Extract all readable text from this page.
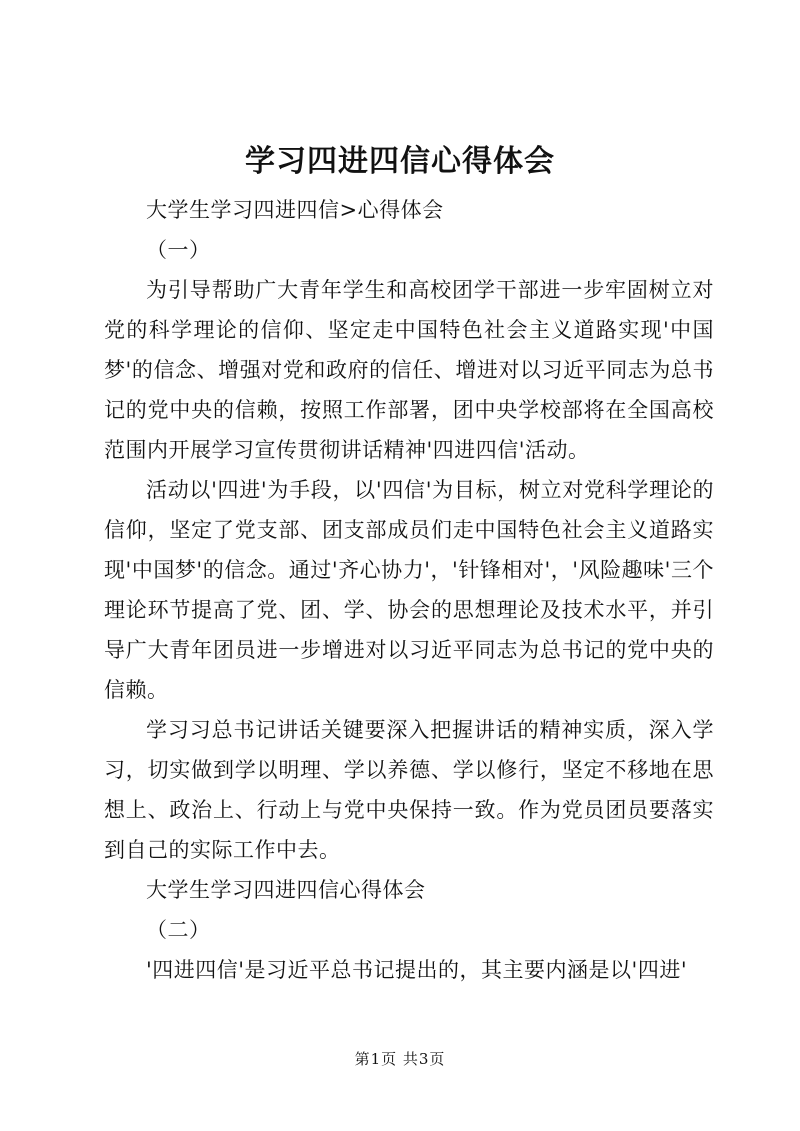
学习四进四信心得体会

大学生学习四进四信>心得体会

（一）

为引导帮助广大青年学生和高校团学干部进一步牢固树立对党的科学理论的信仰、坚定走中国特色社会主义道路实现'中国梦'的信念、增强对党和政府的信任、增进对以习近平同志为总书记的党中央的信赖，按照工作部署，团中央学校部将在全国高校范围内开展学习宣传贯彻讲话精神'四进四信'活动。

活动以'四进'为手段，以'四信'为目标，树立对党科学理论的信仰，坚定了党支部、团支部成员们走中国特色社会主义道路实现'中国梦'的信念。通过'齐心协力'，'针锋相对'，'风险趣味'三个理论环节提高了党、团、学、协会的思想理论及技术水平，并引导广大青年团员进一步增进对以习近平同志为总书记的党中央的信赖。

学习习总书记讲话关键要深入把握讲话的精神实质，深入学习，切实做到学以明理、学以养德、学以修行，坚定不移地在思想上、政治上、行动上与党中央保持一致。作为党员团员要落实到自己的实际工作中去。

大学生学习四进四信心得体会

（二）

'四进四信'是习近平总书记提出的，其主要内涵是以'四进'

第1页 共3页
